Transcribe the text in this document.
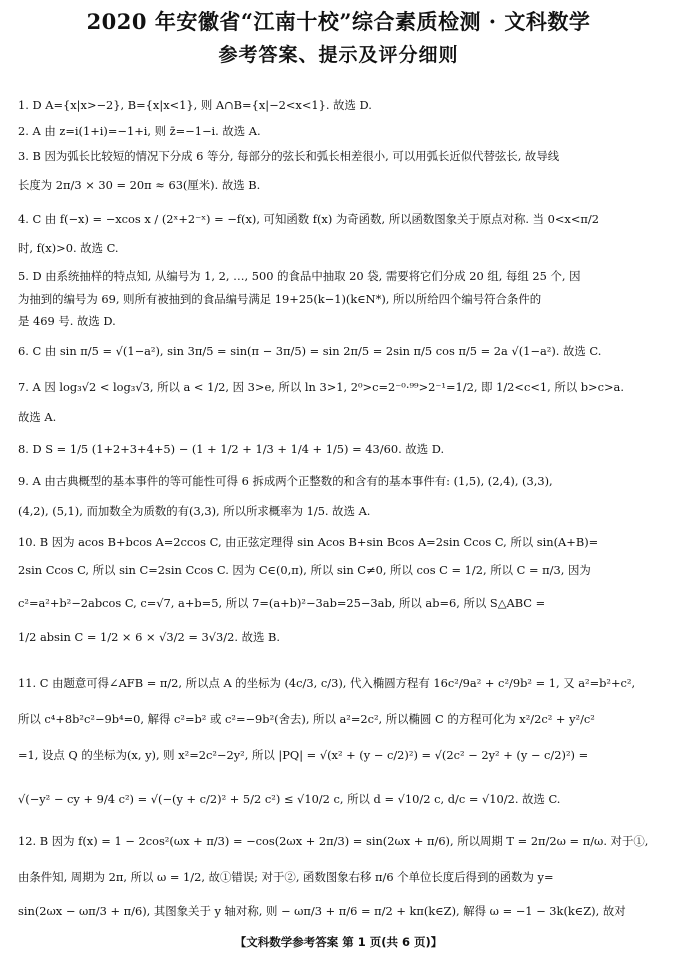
2020 年安徽省“江南十校”综合素质检测 · 文科数学
参考答案、提示及评分细则
1. D A={x|x>−2}, B={x|x<1}, 则 A∩B={x|−2<x<1}. 故选 D.
2. A 由 z=i(1+i)=−1+i, 则 z̄=−1−i. 故选 A.
3. B 因为弧长比较短的情况下分成 6 等分, 每部分的弦长和弧长相差很小, 可以用弧长近似代替弦长, 故导线
长度为 2π/3 × 30 = 20π ≈ 63(厘米). 故选 B.
4. C 由 f(−x) = −xcos x / (2ˣ+2⁻ˣ) = −f(x), 可知函数 f(x) 为奇函数, 所以函数图象关于原点对称. 当 0<x<π/2
时, f(x)>0. 故选 C.
5. D 由系统抽样的特点知, 从编号为 1, 2, …, 500 的食品中抽取 20 袋, 需要将它们分成 20 组, 每组 25 个, 因
为抽到的编号为 69, 则所有被抽到的食品编号满足 19+25(k−1)(k∈N*), 所以所给四个编号符合条件的
是 469 号. 故选 D.
6. C 由 sin π/5 = √(1−a²), sin 3π/5 = sin(π − 3π/5) = sin 2π/5 = 2sin π/5 cos π/5 = 2a √(1−a²). 故选 C.
7. A 因 log₃√2 < log₃√3, 所以 a < 1/2, 因 3>e, 所以 ln 3>1, 2⁰>c=2⁻⁰·⁹⁹>2⁻¹=1/2, 即 1/2<c<1, 所以 b>c>a.
故选 A.
8. D S = 1/5 (1+2+3+4+5) − (1 + 1/2 + 1/3 + 1/4 + 1/5) = 43/60. 故选 D.
9. A 由古典概型的基本事件的等可能性可得 6 拆成两个正整数的和含有的基本事件有: (1,5), (2,4), (3,3),
(4,2), (5,1), 而加数全为质数的有(3,3), 所以所求概率为 1/5. 故选 A.
10. B 因为 acos B+bcos A=2ccos C, 由正弦定理得 sin Acos B+sin Bcos A=2sin Ccos C, 所以 sin(A+B)=
2sin Ccos C, 所以 sin C=2sin Ccos C. 因为 C∈(0,π), 所以 sin C≠0, 所以 cos C = 1/2, 所以 C = π/3, 因为
c²=a²+b²−2abcos C, c=√7, a+b=5, 所以 7=(a+b)²−3ab=25−3ab, 所以 ab=6, 所以 S△ABC =
1/2 absin C = 1/2 × 6 × √3/2 = 3√3/2. 故选 B.
11. C 由题意可得∠AFB = π/2, 所以点 A 的坐标为 (4c/3, c/3), 代入椭圆方程有 16c²/9a² + c²/9b² = 1, 又 a²=b²+c²,
所以 c⁴+8b²c²−9b⁴=0, 解得 c²=b² 或 c²=−9b²(舍去), 所以 a²=2c², 所以椭圆 C 的方程可化为 x²/2c² + y²/c²
=1, 设点 Q 的坐标为(x, y), 则 x²=2c²−2y², 所以 |PQ| = √(x² + (y − c/2)²) = √(2c² − 2y² + (y − c/2)²) =
√(−y² − cy + 9/4 c²) = √(−(y + c/2)² + 5/2 c²) ≤ √10/2 c, 所以 d = √10/2 c, d/c = √10/2. 故选 C.
12. B 因为 f(x) = 1 − 2cos²(ωx + π/3) = −cos(2ωx + 2π/3) = sin(2ωx + π/6), 所以周期 T = 2π/2ω = π/ω. 对于①,
由条件知, 周期为 2π, 所以 ω = 1/2, 故①错误; 对于②, 函数图象右移 π/6 个单位长度后得到的函数为 y=
sin(2ωx − ωπ/3 + π/6), 其图象关于 y 轴对称, 则 − ωπ/3 + π/6 = π/2 + kπ(k∈Z), 解得 ω = −1 − 3k(k∈Z), 故对
【文科数学参考答案 第 1 页(共 6 页)】
